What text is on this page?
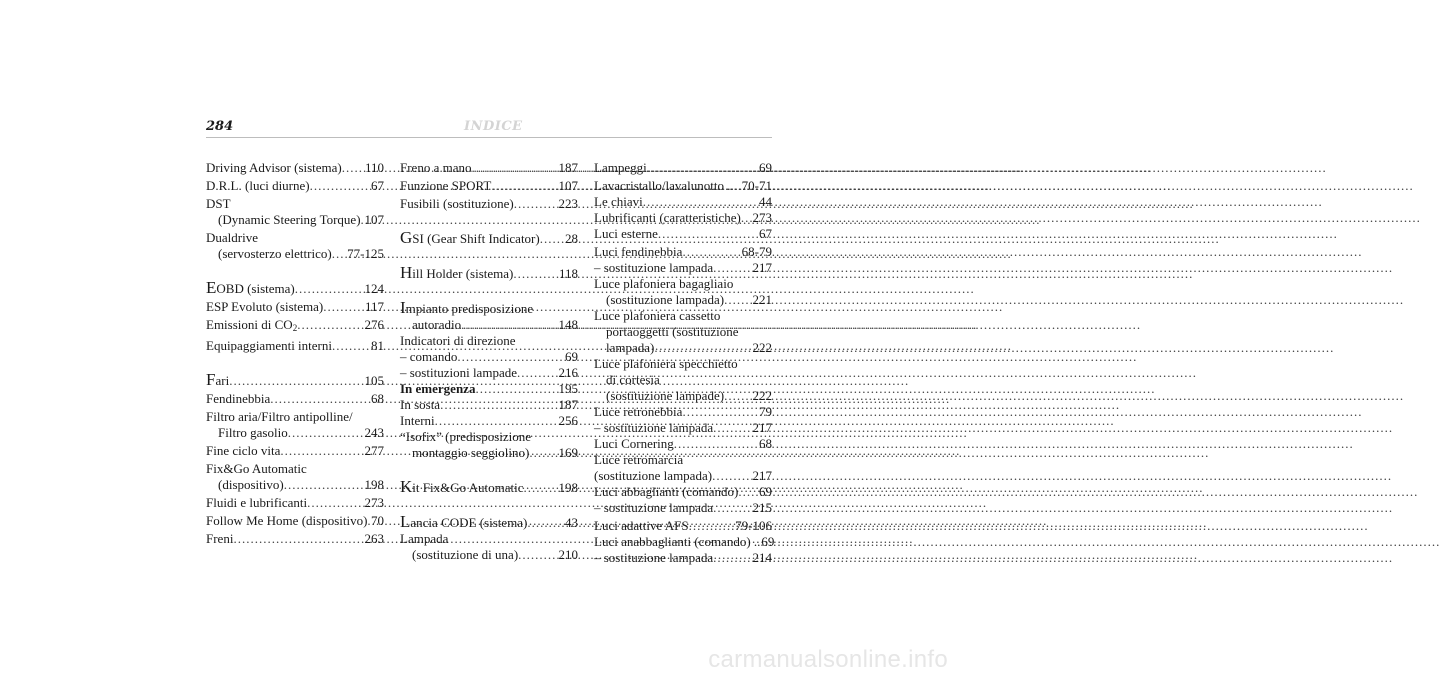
284	INDICE
Driving Advisor (sistema) ..... 110
D.R.L. (luci diurne) .....	67
DST
(Dynamic Steering Torque) ..... 107
Dualdrive
(servosterzo elettrico) ..... 77-125
EOBD (sistema) .....	124
ESP Evoluto (sistema) .....	117
Emissioni di $CO_2$ .....	276
Equipaggiamenti interni .....	81
Fari .....	105
Fendinebbia .....	68
Filtro aria/Filtro antipolline/
Filtro gasolio .....	243
Fine ciclo vita .....	277
Fix&Go Automatic
(dispositivo) .....	198
Fluidi e lubrificanti .....	273
Follow Me Home (dispositivo) ..... 70
Freni .....	263
Freno a mano .....	187
Funzione SPORT .....	107
Fusibili (sostituzione) .....	223
GSI (Gear Shift Indicator) ..... 28
Hill Holder (sistema) .....	118
Impianto predisposizione
autoradio .....	148
Indicatori di direzione
– comando .....	69
– sostituzioni lampade .....	216
In emergenza .....	195
In sosta .....	187
Interni .....	256
“Isofix” (predisposizione
montaggio seggiolino) ..... 169
Kit Fix&Go Automatic .....	198
Lancia CODE (sistema) .....	43
Lampada
(sostituzione di una) .....	210
Lampeggi .....	69
Lavacristallo/lavalunotto .. ..... 70-71
Le chiavi .....	44
Lubrificanti (caratteristiche) ..... 273
Luci esterne .....	67
Luci fendinebbia .....	68-79
– sostituzione lampada .....	217
Luce plafoniera bagagliaio
(sostituzione lampada) ..... 221
Luce plafoniera cassetto
portaoggetti (sostituzione
lampada) .....	222
Luce plafoniera specchietto
di cortesia
(sostituzione lampade) ..... 222
Luce retronebbia .....	79
– sostituzione lampada .....	217
Luci Cornering .....	68
Luce retromarcia
(sostituzione lampada) .....	217
Luci abbaglianti (comando) ..... 69
– sostituzione lampada .....	215
Luci adattive AFS .....	79-106
Luci anabbaglianti (comando) .. 69
– sostituzione lampada .....	214
carmanualsonline.info
